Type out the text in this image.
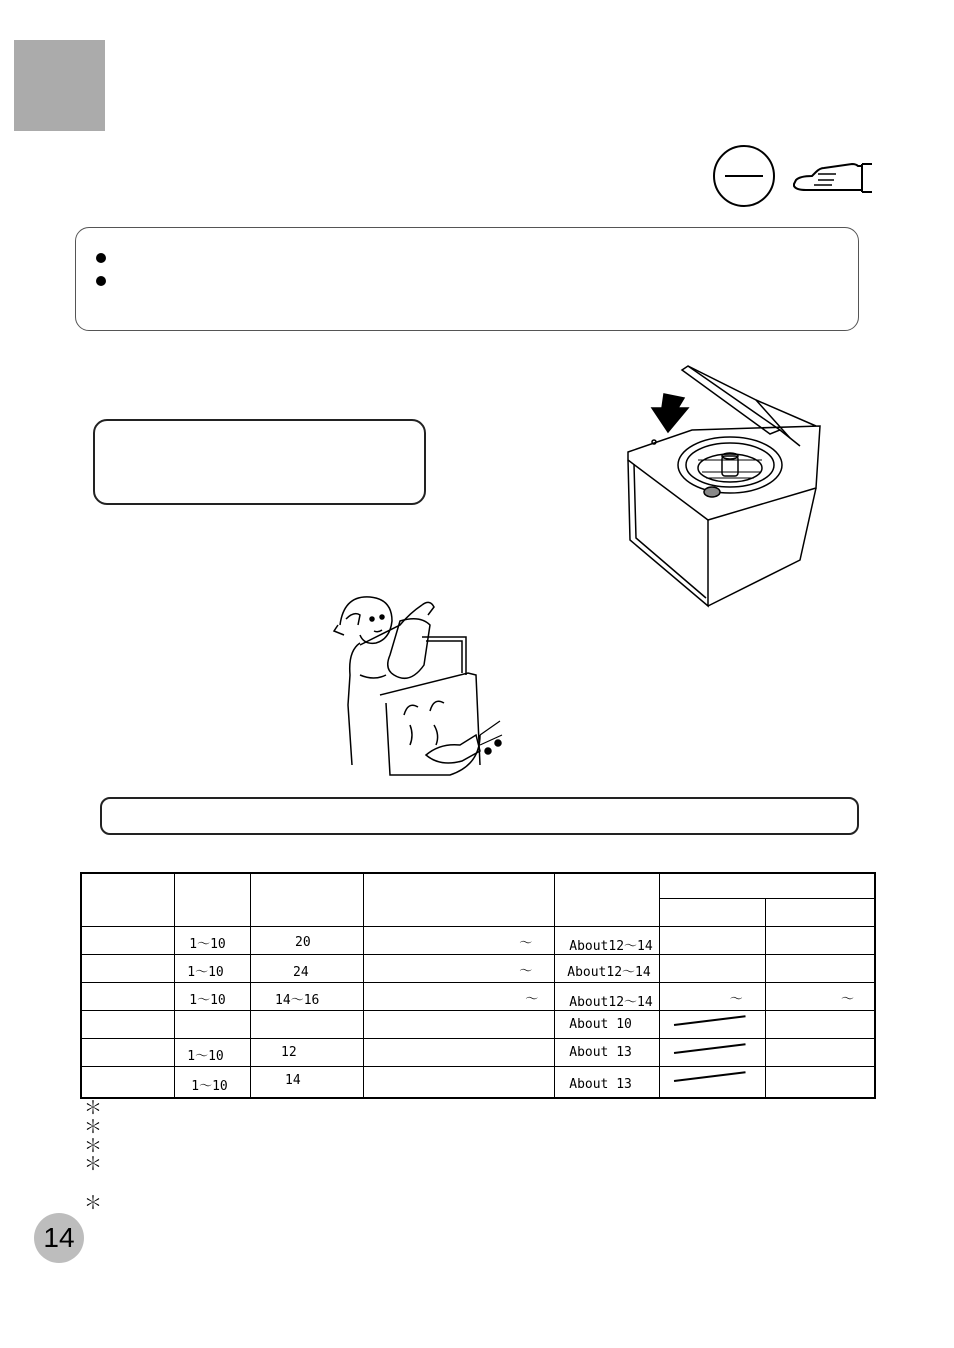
	1～10	20	～	About12～14		

	1～10	24	～	About12～14		

	1～10	14～16	～	About12～14	～	～

				About 10		

	1～10	12		About 13		

	1～10	14		About 13		

＊
＊
＊
＊
＊
14
